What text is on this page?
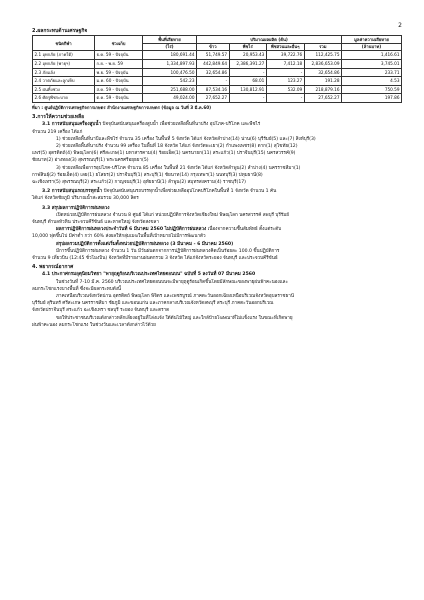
2
2.ผลกระทบด้านเศรษฐกิจ
ชนิดกีฬา	ช่วงเก็บ	พื้นที่เสียหาย	ปริมาณผลผลิต (ตัน)				มูลค่าความเสียหาย
		(ไร่)	ข้าว	พืชไร่	พืชสวนและอื่นๆ	รวม	(ล้านบาท)
2.1 อุทกภัย (ภาคใต้)	ธ.ค. 59 - ปัจจุบัน	180,691.44	51,749.57	20,953.43	39,722.76	112,425.75	1,416.61
2.2 อุทกภัย (พายุฯ)	ก.ย. - พ.ย. 59	1,334,897.93	442,849.64	2,386,391.27	7,412.18	2,836,653.09	3,745.01
2.3 ภัยแล้ง	พ.ย. 59 - ปัจจุบัน	100,476.50	32,654.86	-	-	32,654.86	233.71
2.4 วาตภัยและลูกเห็บ	ม.ค. 60 - ปัจจุบัน	542.23	-	68.01	123.27	191.28	4.53
2.5 ฝนทิ้งช่วง	ส.ค. 59 - ปัจจุบัน	251,688.00	87,534.16	130,812.91	532.09	218,879.16	750.59
2.6 ศัตรูพืชระบาด	ต.ค. 59 - ปัจจุบัน	49,024.00	27,652.27	-	-	27,652.27	197.86
ที่มา : ศูนย์ปฏิบัติการเศรษฐกิจการเกษตร สำนักงานเศรษฐกิจการเกษตร (ข้อมูล ณ วันที่ 3 มี.ค.60)
3.การให้ความช่วยเหลือ

3.1 การสนับสนุนเครื่องสูบน้ำ ปัจจุบันสนับสนุนเครื่องสูบน้ำ เพื่อช่วยเหลือพื้นที่นาปรัง อุปโภค-บริโภค และพืชไร่

จำนวน 219 เครื่อง ได้แก่

1) ช่วยเหลือพื้นที่นาปีและพืชไร่ จำนวน 35 เครื่อง ในพื้นที่ 5 จังหวัด ได้แก่ จังหวัดลำปาง(14) น่าน(6) บุรีรัมย์(5) และ(7) สิงห์บุรี(3)

2) ช่วยเหลือพื้นที่นาปรัง จำนวน 99 เครื่อง ในพื้นที่ 18 จังหวัด ได้แก่ จังหวัดพะเยา(2) กำแพงเพชร(8) ตาก(1) สุโขทัย(12)

แพร่(5) อุตรดิตถ์(4) พิษณุโลก(6) ศรีสะเกษ(1) มหาสารคาม(4) ร้อยเอ็ด(1) นครนายก(11) สระแก้ว(1) ปราจีนบุรี(15) นครสวรรค์(9)

ชัยนาท(2) อ่างทอง(3) สุพรรณบุรี(1) พระนครศรีอยุธยา(5)

3) ช่วยเหลือเพื่อการอุปโภค-บริโภค จำนวน 85 เครื่อง ในพื้นที่ 21 จังหวัด ได้แก่ จังหวัดลำพูน(2) ลำปาง(4) นครราชสีมา(1)

กาฬสินธุ์(2) ร้อยเอ็ด(4) เลย(1) ยโสธร(2) ปราจีนบุรี(1) สระบุรี(1) ชัยนาท(14) กรุงเทพฯ(1) นนทบุรี(3) ปทุมธานี(8)

ฉะเชิงเทรา(5) สุพรรณบุรี(2) สระแก้ว(2) กาญจนบุรี(1) อุทัยธานี(1) ลำพูน(2) สมุทรสงคราม(4) ราชบุรี(17)

3.2 การสนับสนุนรถบรรทุกน้ำ ปัจจุบันสนับสนุนรถบรรทุกน้ำเพื่อช่วยเหลืออุปโภคบริโภคในพื้นที่ 1 จังหวัด จำนวน 1 คัน

ได้แก่ จังหวัดชัยภูมิ ปริมาณน้ำสะสมรวม 30,000 ลิตร

3.3 สรุปผลการปฏิบัติการฝนหลวง

เปิดหน่วยปฏิบัติการฝนหลวง จำนวน 8 ศูนย์ ได้แก่ หน่วยปฏิบัติการจังหวัดเชียงใหม่ พิษณุโลก นครสวรรค์ ลพบุรี บุรีรัมย์

จันทบุรี ตำบลหัวหิน ประจวบคีรีขันธ์ และหาดใหญ่ จังหวัดสงขลา

ผลการปฏิบัติการฝนหลวงประจำวันที่ 6 มีนาคม 2560 ไม่ปฏิบัติการฝนหลวง เนื่องจากความชื้นสัมพัทธ์ ตั้งแต่ระดับ

10,000 ฟุตขึ้นไป มีค่าต่ำ กว่า 60% ส่งผลให้กลุ่มเมฆในพื้นที่เป้าหมายไม่มีการพัฒนาตัว

สรุปผลรวมปฏิบัติการตั้งแต่เริ่มตั้งหน่วยปฏิบัติการฝนหลวง (3 มีนาคม - 6 มีนาคม 2560)

มีการขึ้นปฏิบัติการฝนหลวง จำนวน 1 วัน มีวันฝนตกจากการปฏิบัติการฝนหลวงคิดเป็นร้อยละ 100.0 ขึ้นปฏิบัติการ

จำนวน 9 เที่ยวบิน (12:45 ชั่วโมงบิน) จังหวัดที่มีรายงานฝนตกรวม 3 จังหวัด ได้แก่จังหวัดระยอง จันทบุรี และประจวบคีรีขันธ์

4. พยากรณ์อากาศ

4.1 ประกาศกรมอุตุนิยมวิทยา "พายุฤดูร้อนบริเวณประเทศไทยตอนบน" ฉบับที่ 5 ลงวันที่ 07 มีนาคม 2560

ในช่วงวันที่ 7-10 มี.ค. 2560 บริเวณประเทศไทยตอนบนจะมีพายุฤดูร้อนเกิดขึ้นโดยมีลักษณะของพายุฝนฟ้าคะนองและ

ลมกระโชกแรงบางพื้นที่ ซึ่งจะมีผลกระทบดังนี้

ภาคเหนือบริเวณจังหวัดน่าน อุตรดิตถ์ พิษณุโลก พิจิตร และเพชรบูรณ์ ภาคตะวันออกเฉียงเหนือบริเวณจังหวัดอุบลราชธานี

บุรีรัมย์ สุรินทร์ ศรีสะเกษ นครราชสีมา ชัยภูมิ และขอนแก่น และภาคกลางบริเวณจังหวัดลพบุรี สระบุรี ภาคตะวันออกบริเวณ

จังหวัดปราจีนบุรี สระแก้ว ฉะเชิงเทรา ชลบุรี ระยอง จันทบุรี และตราด

ขอให้ประชาชนบริเวณดังกล่าวหลีกเลี่ยงอยู่ในที่โล่งแจ้ง ใต้ต้นไม้ใหญ่ และใกล้ป้ายโฆษณาที่ไม่แข็งแรง ในขณะที่เกิดพายุ

ฝนฟ้าคะนอง ลมกระโชกแรง ในช่วงวันและเวลาดังกล่าวไว้ด้วย
